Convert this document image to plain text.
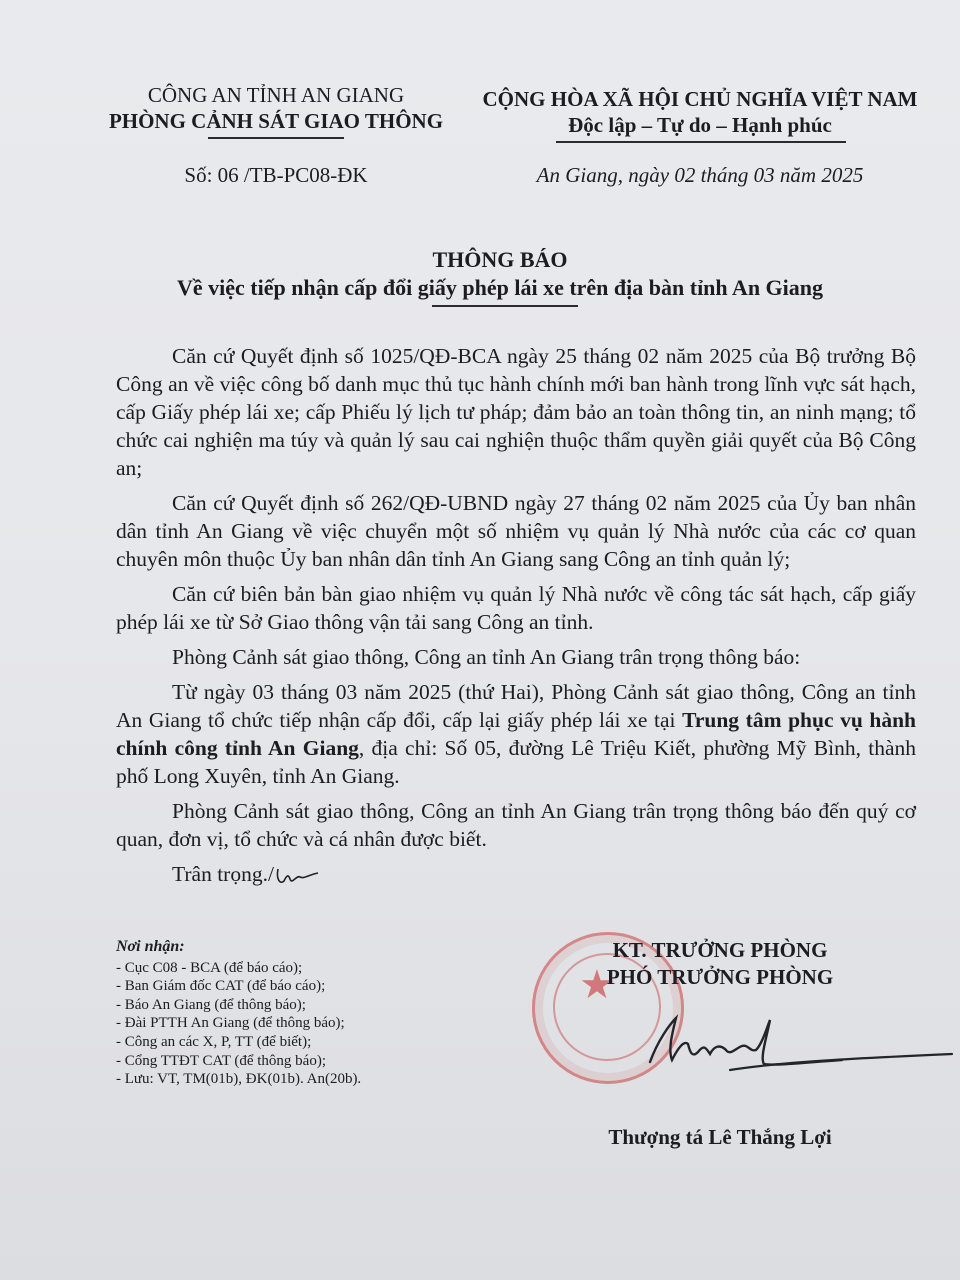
CÔNG AN TỈNH AN GIANG
PHÒNG CẢNH SÁT GIAO THÔNG
CỘNG HÒA XÃ HỘI CHỦ NGHĨA VIỆT NAM
Độc lập – Tự do – Hạnh phúc
Số: 06 /TB-PC08-ĐK	An Giang, ngày 02 tháng 03 năm 2025
THÔNG BÁO
Về việc tiếp nhận cấp đổi giấy phép lái xe trên địa bàn tỉnh An Giang

Căn cứ Quyết định số 1025/QĐ-BCA ngày 25 tháng 02 năm 2025 của Bộ trưởng Bộ Công an về việc công bố danh mục thủ tục hành chính mới ban hành trong lĩnh vực sát hạch, cấp Giấy phép lái xe; cấp Phiếu lý lịch tư pháp; đảm bảo an toàn thông tin, an ninh mạng; tổ chức cai nghiện ma túy và quản lý sau cai nghiện thuộc thẩm quyền giải quyết của Bộ Công an;

Căn cứ Quyết định số 262/QĐ-UBND ngày 27 tháng 02 năm 2025 của Ủy ban nhân dân tỉnh An Giang về việc chuyển một số nhiệm vụ quản lý Nhà nước của các cơ quan chuyên môn thuộc Ủy ban nhân dân tỉnh An Giang sang Công an tỉnh quản lý;

Căn cứ biên bản bàn giao nhiệm vụ quản lý Nhà nước về công tác sát hạch, cấp giấy phép lái xe từ Sở Giao thông vận tải sang Công an tỉnh.

Phòng Cảnh sát giao thông, Công an tỉnh An Giang trân trọng thông báo:

Từ ngày 03 tháng 03 năm 2025 (thứ Hai), Phòng Cảnh sát giao thông, Công an tỉnh An Giang tổ chức tiếp nhận cấp đổi, cấp lại giấy phép lái xe tại Trung tâm phục vụ hành chính công tỉnh An Giang, địa chỉ: Số 05, đường Lê Triệu Kiết, phường Mỹ Bình, thành phố Long Xuyên, tỉnh An Giang.

Phòng Cảnh sát giao thông, Công an tỉnh An Giang trân trọng thông báo đến quý cơ quan, đơn vị, tổ chức và cá nhân được biết.

Trân trọng./

Nơi nhận:
- Cục C08 - BCA (để báo cáo);
- Ban Giám đốc CAT (để báo cáo);
- Báo An Giang (để thông báo);
- Đài PTTH An Giang (để thông báo);
- Công an các X, P, TT (để biết);
- Cổng TTĐT CAT (để thông báo);
- Lưu: VT, TM(01b), ĐK(01b). An(20b).
★
KT. TRƯỞNG PHÒNG
PHÓ TRƯỞNG PHÒNG
Thượng tá Lê Thắng Lợi
